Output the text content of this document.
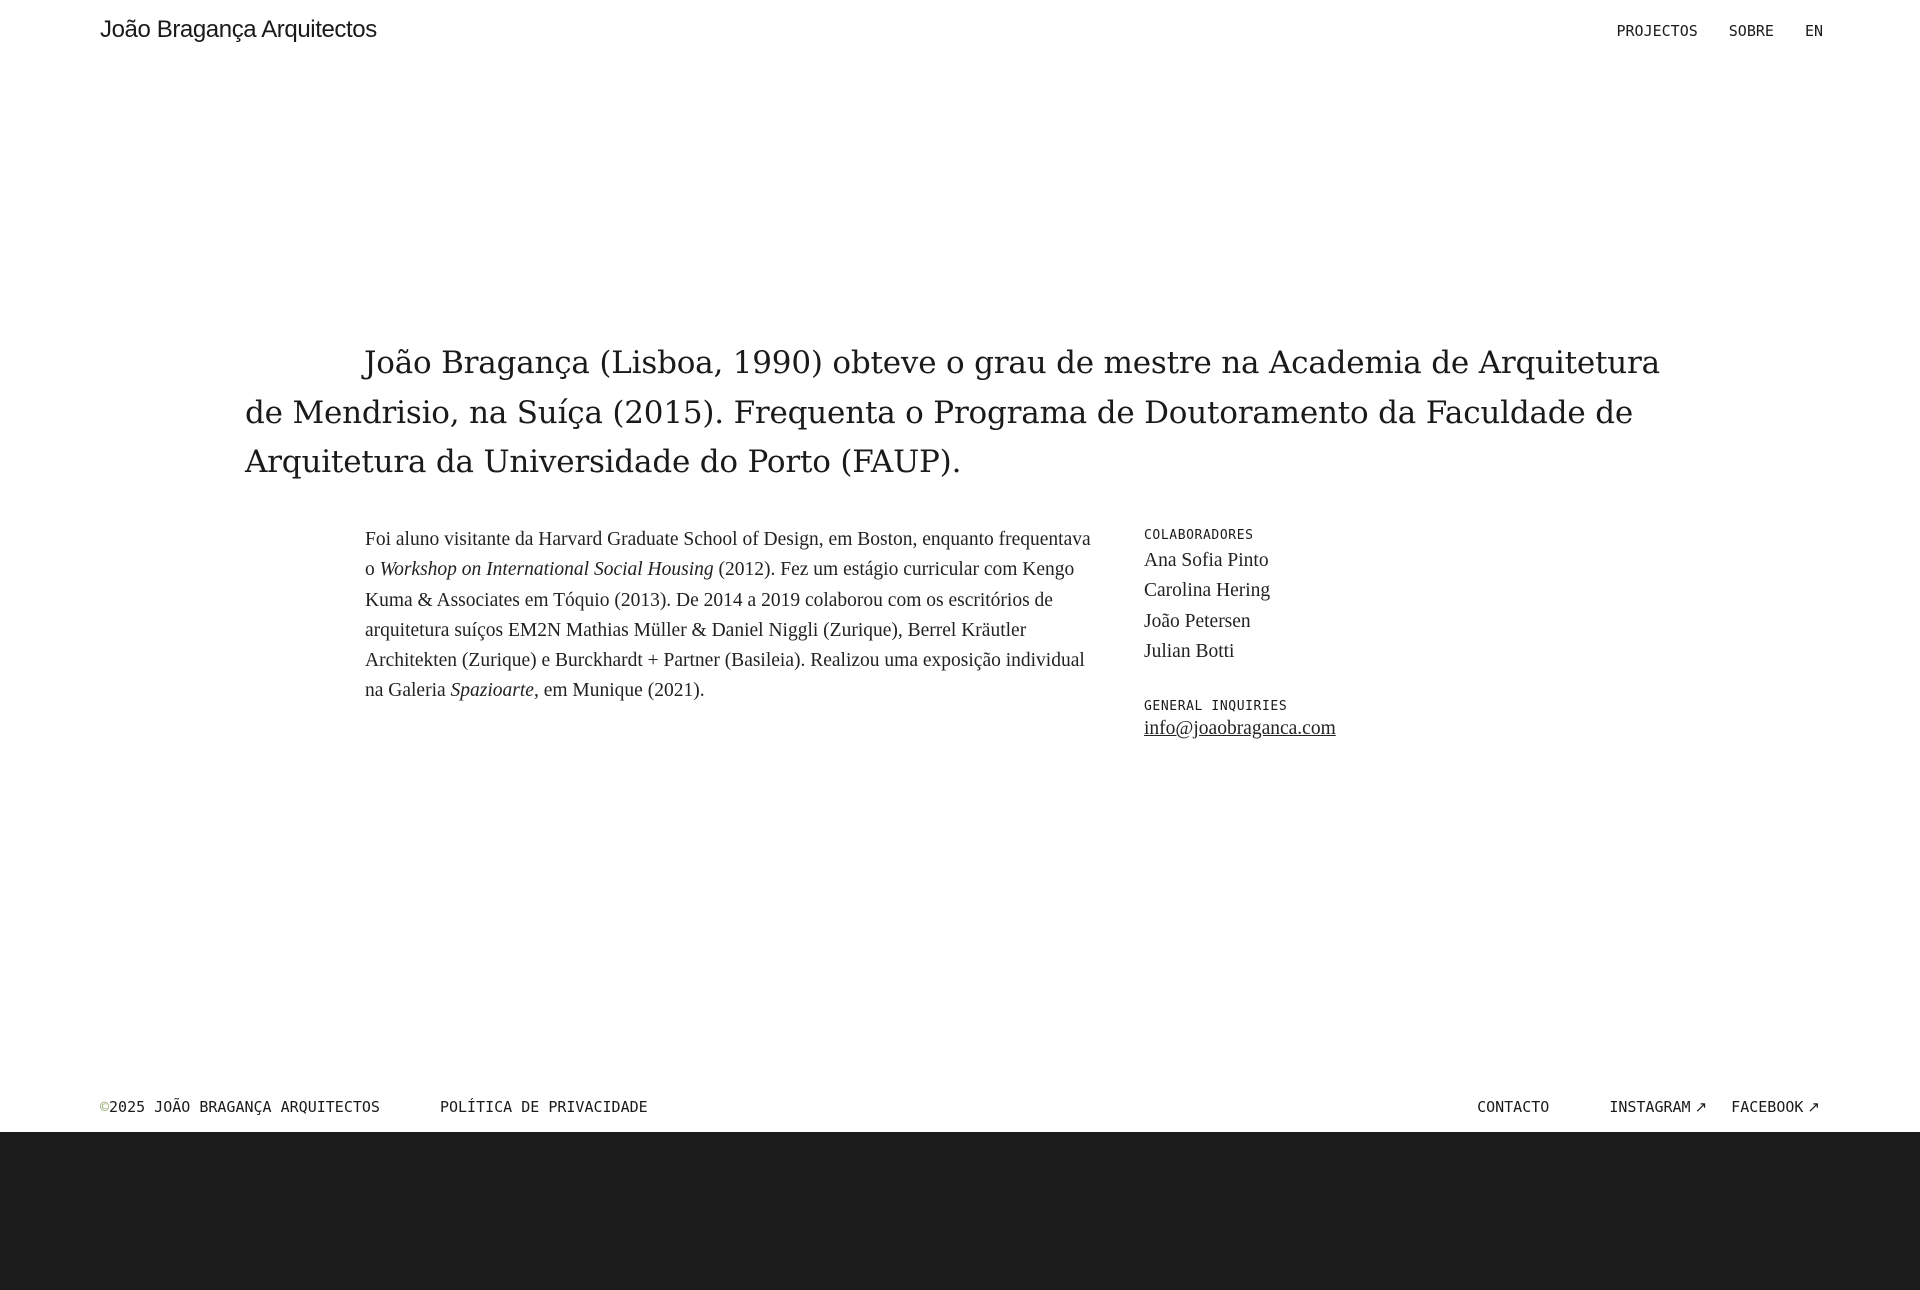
João Bragança Arquitectos	PROJECTOS SOBRE EN

João Bragança (Lisboa, 1990) obteve o grau de mestre na Academia de Arquitetura de Mendrisio, na Suíça (2015). Frequenta o Programa de Doutoramento da Faculdade de Arquitetura da Universidade do Porto (FAUP).

Foi aluno visitante da Harvard Graduate School of Design, em Boston, enquanto frequentava o Workshop on International Social Housing (2012). Fez um estágio curricular com Kengo Kuma & Associates em Tóquio (2013). De 2014 a 2019 colaborou com os escritórios de arquitetura suíços EM2N Mathias Müller & Daniel Niggli (Zurique), Berrel Kräutler Architekten (Zurique) e Burckhardt + Partner (Basileia). Realizou uma exposição individual na Galeria Spazioarte, em Munique (2021).

COLABORADORES
Ana Sofia Pinto
Carolina Hering
João Petersen
Julian Botti
GENERAL INQUIRIES
info@joaobraganca.com
©2025 JOÃO BRAGANÇA ARQUITECTOS	POLÍTICA DE PRIVACIDADE	CONTACTO	INSTAGRAM ↗ FACEBOOK ↗
